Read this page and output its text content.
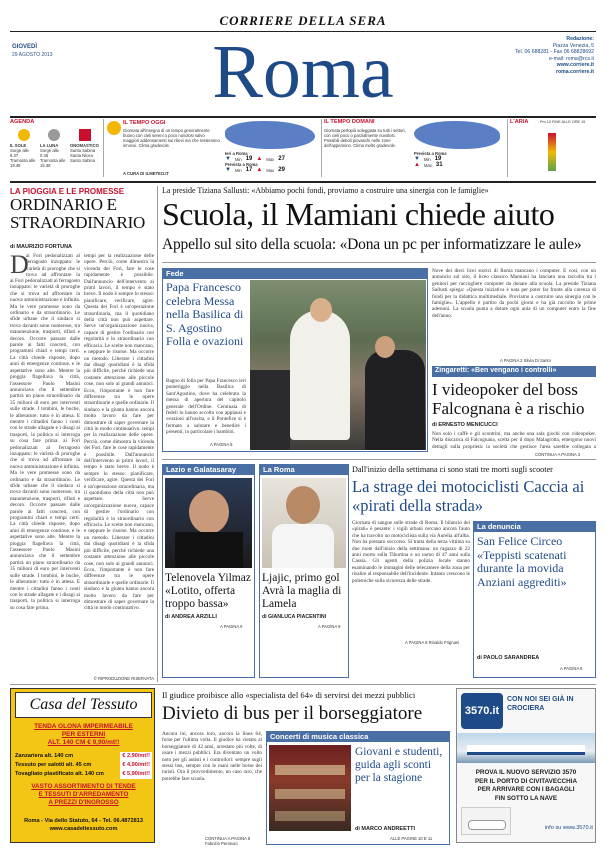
CORRIERE DELLA SERA
GIOVEDÌ
29 AGOSTO 2013	Roma	Redazione:
Piazza Venezia, 5
Tel. 06 688281 - Fax 06 68828692
e-mail: roma@rcs.it
www.corriere.it
roma.corriere.it
AGENDA
IL SOLE
Sorge alle 6.37
Tramonta alle 19.48
LA LUNA
Sorge alle 0.46
Tramonta alle 15.38
ONOMASTICO
Santa Sabina
Santa Nicea
Santo Sabino
IL TEMPO OGGI
Giornata all'insegna di un tempo generalmente buono con cieli sereni o poco nuvolosi salvo maggiori addensamenti sui rilievi ma che resteranno innocui. Clima gradevole.
A CURA DI ILMETEO.IT
Ieri a Roma
▼ Min 19 ▲ Max 27
Prevista a Roma
▼ Min 17 ▲ Max 29
IL TEMPO DOMANI
Giornata perlopiù soleggiata su tutti i settori, con cieli poco o parzialmente nuvolosi. Possibili deboli piovaschi nelle zone dell'appennino. Clima molto gradevole.
Prevista a Roma
▼ Min 19
▲ Max 31
L'ARIA	Pm 10 FINE ALLE ORE 15
LA PIOGGIA E LE PROMESSE
ORDINARIO E STRAORDINARIO
di MAURIZIO FORTUNA
D
ai Fori pedonalizzati al ferragosto inzuppato: le varietà di proroghe che si trova ad affrontare la
ai Fori pedonalizzati al ferragosto inzuppato: le varietà di proroghe che si trova ad affrontare la nuova amministrazione è infinita. Ma le vere promesse sono da ordinario e da straordinario. Le sfide urbane che il sindaco si trova davanti sono numerose, tra manutenzione, trasporti, rifiuti e decoro. Occorre passare dalle parole ai fatti concreti, con programmi chiari e tempi certi. La città chiede risposte, dopo anni di emergenze continue, e le aspettative sono alte. Mentre la pioggia flagellava la città, l'assessore Paolo Masini annunciava che il settembre partirà un piano straordinario da 35 milioni di euro per interventi sulle strade. I tombini, le buche, le alberature: tutto è in attesa. E mentre i cittadini fanno i conti con le strade allagate e i disagi ai trasporti, la politica si interroga su cosa fare prima. ai Fori pedonalizzati al ferragosto inzuppato: le varietà di proroghe che si trova ad affrontare la nuova amministrazione è infinita. Ma le vere promesse sono da ordinario e da straordinario. Le sfide urbane che il sindaco si trova davanti sono numerose, tra manutenzione, trasporti, rifiuti e decoro. Occorre passare dalle parole ai fatti concreti, con programmi chiari e tempi certi. La città chiede risposte, dopo anni di emergenze continue, e le aspettative sono alte. Mentre la pioggia flagellava la città, l'assessore Paolo Masini annunciava che il settembre partirà un piano straordinario da 35 milioni di euro per interventi sulle strade. I tombini, le buche, le alberature: tutto è in attesa. E mentre i cittadini fanno i conti con le strade allagate e i disagi ai trasporti, la politica si interroga su cosa fare prima.
tempi per la realizzazione delle opere. Perciò, come dimostra la vicenda dei Fori, fare le cose rapidamente è possibile. Dall'annuncio dell'intervento ai primi lavori, il tempo è stato breve. Il nodo è sempre lo stesso: pianificare, verificare, agire. Questa dei Fori è un'operazione straordinaria, ma il quotidiano della città non può aspettare. Serve un'organizzazione nuova, capace di gestire l'ordinario con regolarità e lo straordinario con efficacia. Le scelte non mancano, e neppure le risorse. Ma occorre un metodo. Liberare i cittadini dai disagi quotidiani è la sfida più difficile, perché richiede una costante attenzione alle piccole cose, non solo ai grandi annunci. Ecco, l'importante è non fare differenze tra le opere straordinarie e quelle ordinarie. Il sindaco e la giunta hanno ancora molto lavoro da fare per dimostrare di saper governare la città in modo continuativo. tempi per la realizzazione delle opere. Perciò, come dimostra la vicenda dei Fori, fare le cose rapidamente è possibile. Dall'annuncio dell'intervento ai primi lavori, il tempo è stato breve. Il nodo è sempre lo stesso: pianificare, verificare, agire. Questa dei Fori è un'operazione straordinaria, ma il quotidiano della città non può aspettare. Serve un'organizzazione nuova, capace di gestire l'ordinario con regolarità e lo straordinario con efficacia. Le scelte non mancano, e neppure le risorse. Ma occorre un metodo. Liberare i cittadini dai disagi quotidiani è la sfida più difficile, perché richiede una costante attenzione alle piccole cose, non solo ai grandi annunci. Ecco, l'importante è non fare differenze tra le opere straordinarie e quelle ordinarie. Il sindaco e la giunta hanno ancora molto lavoro da fare per dimostrare di saper governare la città in modo continuativo.
© RIPRODUZIONE RISERVATA
La preside Tiziana Sallusti: «Abbiamo pochi fondi, proviamo a costruire una sinergia con le famiglie»
Scuola, il Mamiani chiede aiuto
Appello sul sito della scuola: «Dona un pc per informatizzare le aule»
Fede
Papa Francesco celebra Messa nella Basilica di S. Agostino Folla e ovazioni
Bagno di folla per Papa Francesco ieri pomeriggio nella Basilica di Sant'Agostino, dove ha celebrato la messa di apertura del capitolo generale dell'Ordine. Centinaia di fedeli lo hanno accolto con applausi e ovazioni all'uscita, e il Pontefice si è fermato a salutare e benedire i presenti, in particolare i bambini.
A PAGINA 5
Nove dei dieci licei storici di Roma mancano i computer. E così, con un annuncio sul sito, il liceo classico Mamiani ha lanciato una raccolta tra i genitori per raccogliere computer da donare alla scuola. La preside Tiziana Sallusti spiega: «Questa iniziativa è nata per poter far fronte alla carenza di fondi per la didattica multimediale. Proviamo a costruire una sinergia con le famiglie». L'appello è partito da pochi giorni e ha già raccolto le prime adesioni. La scuola punta a dotare ogni aula di un computer entro la fine dell'anno.
A PAGINA 2 Silvia Di Santo
Zingaretti: «Ben vengano i controlli»
I videopoker del boss Falcognana è a rischio
di ERNESTO MENICUCCI
Non solo i caffè e gli scontrini, ma anche una sala giochi con videopoker. Nella discarica di Falcognana, scelta per il dopo Malagrotta, emergono nuovi dettagli sulla proprietà: la società che gestisce l'area sarebbe collegata a
CONTINUA A PAGINA 3
Lazio e Galatasaray
Telenovela Yilmaz «Lotito, offerta troppo bassa»
di ANDREA ARZILLI
A PAGINA 9
La Roma
Ljajic, primo gol Avrà la maglia di Lamela
di GIANLUCA PIACENTINI
A PAGINA 9
Dall'inizio della settimana ci sono stati tre morti sugli scooter
La strage dei motociclisti Caccia ai «pirati della strada»
Giornata di sangue sulle strade di Roma. Il bilancio dei «pirati» è pesante: i vigili urbani cercano ancora l'auto che ha travolto un motociclista sulla via Aurelia all'alba. Non ha prestato soccorso. Si tratta della terza vittima su due ruote dall'inizio della settimana: un ragazzo di 22 anni morto sulla Tiburtina e un uomo di 47 anni sulla Cassia. Gli agenti della polizia locale stanno esaminando le immagini delle telecamere della zona per risalire al responsabile dell'incidente. Intanto crescono le polemiche sulla sicurezza delle strade.
A PAGINA 8 Rinaldo Frignani
La denuncia
San Felice Circeo «Teppisti scatenati durante la movida Anziani aggrediti»
di PAOLO SARANDREA
A PAGINA 6
Casa del Tessuto
TENDA OLONA IMPERMEABILE
PER ESTERNI
ALT. 140 CM € 9,90/mt!!
Zanzariera alt. 140 cm	€ 2,90/mt!!
Tessuto per salotti alt. 45 cm	€ 4,90/mt!!
Tovagliato plastificato alt. 140 cm	€ 5,90/mt!!
VASTO ASSORTIMENTO DI TENDE
E TESSUTI D'ARREDAMENTO
A PREZZI D'INGROSSO
Roma - Via dello Statuto, 64 - Tel. 06.4872813
www.casadeltessuto.com
Il giudice proibisce allo «specialista del 64» di servirsi dei mezzi pubblici
Divieto di bus per il borseggiatore
Ancora lui, ancora loro, ancora la linea 64, forse per l'ultima volta. Il giudice ha vietato al borseggiatore di 42 anni, arrestato più volte, di usare i mezzi pubblici. Era diventato un volto noto per gli autisti e i controllori: sempre sugli stessi bus, sempre con le mani nelle borse dei turisti. Ora il provvedimento, un caso raro, che potrebbe fare scuola.
CONTINUA A PAGINA 8 Fabrizio Peronaci
Concerti di musica classica
Giovani e studenti, guida agli sconti per la stagione
di MARCO ANDREETTI
ALLE PAGINE 10 E 11
3570.it
CON NOI SEI GIÀ IN CROCIERA
PROVA IL NUOVO SERVIZIO 3570
PER IL PORTO DI CIVITAVECCHIA
PER ARRIVARE CON I BAGAGLI
FIN SOTTO LA NAVE
info su www.3570.it
